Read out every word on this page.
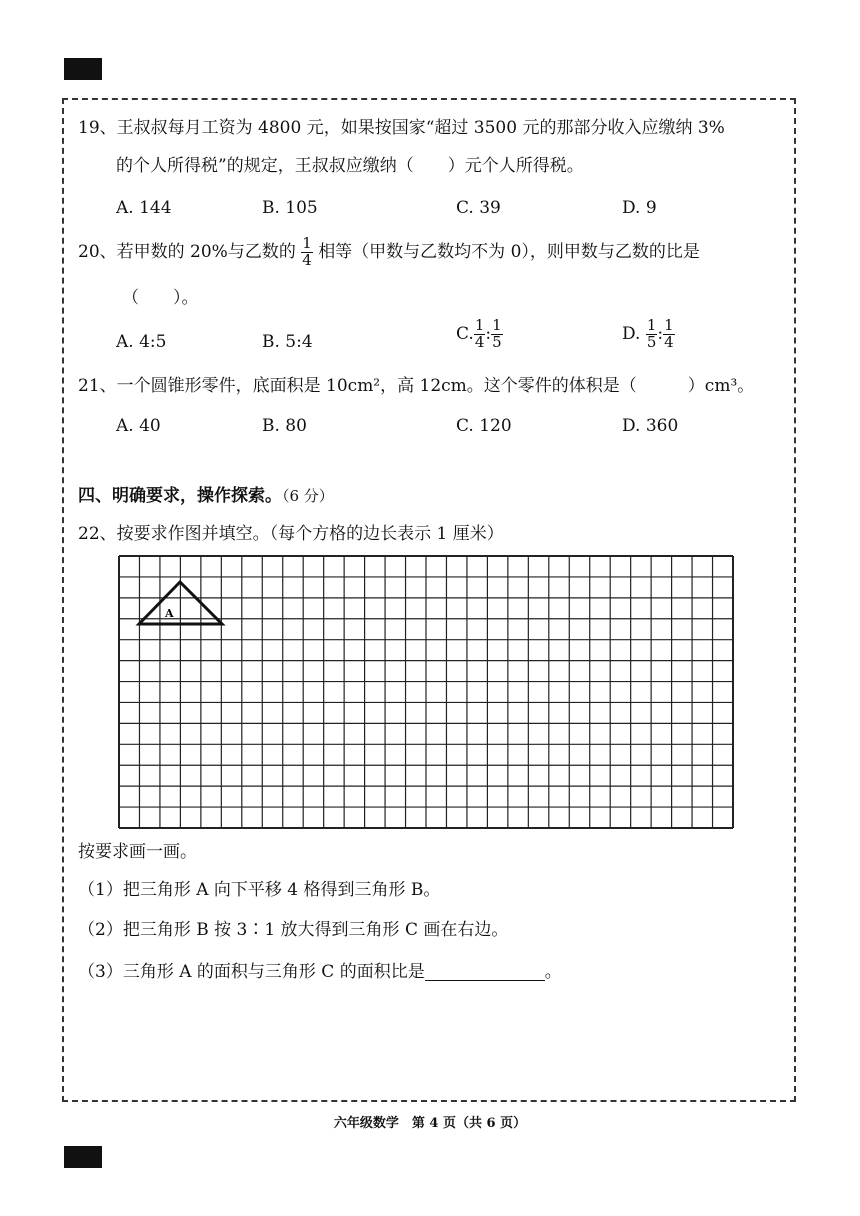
19、王叔叔每月工资为 4800 元，如果按国家“超过 3500 元的那部分收入应缴纳 3%
的个人所得税”的规定，王叔叔应缴纳（　　）元个人所得税。
A. 144	B. 105	C. 39	D. 9
20、若甲数的 20%与乙数的 $\frac{1}{4}$ 相等（甲数与乙数均不为 0），则甲数与乙数的比是
（　　）。
A. 4:5	B. 5:4	C. $\frac{1}{4}$ : $\frac{1}{5}$	D. $\frac{1}{5}$ : $\frac{1}{4}$
21、一个圆锥形零件，底面积是 10cm²，高 12cm。这个零件的体积是（　　　）cm³。
A. 40	B. 80	C. 120	D. 360
四、明确要求，操作探索。（6 分）
22、按要求作图并填空。（每个方格的边长表示 1 厘米）
A
按要求画一画。
（1）把三角形 A 向下平移 4 格得到三角形 B。
（2）把三角形 B 按 3∶1 放大得到三角形 C 画在右边。
（3）三角形 A 的面积与三角形 C 的面积比是	。
六年级数学　第 4 页（共 6 页）
